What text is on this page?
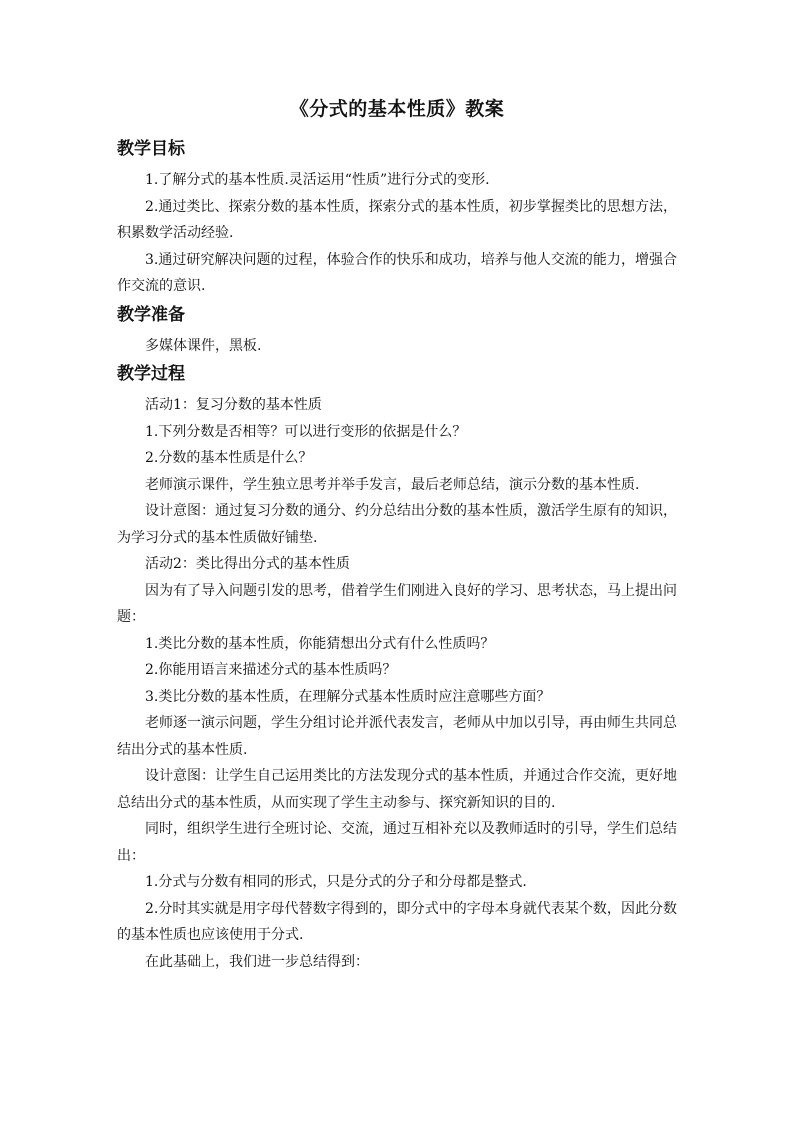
《分式的基本性质》教案
教学目标

1.了解分式的基本性质.灵活运用“性质”进行分式的变形.

2.通过类比、探索分数的基本性质，探索分式的基本性质，初步掌握类比的思想方法，积累数学活动经验.

3.通过研究解决问题的过程，体验合作的快乐和成功，培养与他人交流的能力，增强合作交流的意识.

教学准备

多媒体课件，黑板.

教学过程

活动1：复习分数的基本性质

1.下列分数是否相等？可以进行变形的依据是什么？

2.分数的基本性质是什么？

老师演示课件，学生独立思考并举手发言，最后老师总结，演示分数的基本性质.

设计意图：通过复习分数的通分、约分总结出分数的基本性质，激活学生原有的知识，为学习分式的基本性质做好铺垫.

活动2：类比得出分式的基本性质

因为有了导入问题引发的思考，借着学生们刚进入良好的学习、思考状态，马上提出问题：

1.类比分数的基本性质，你能猜想出分式有什么性质吗？

2.你能用语言来描述分式的基本性质吗？

3.类比分数的基本性质，在理解分式基本性质时应注意哪些方面？

老师逐一演示问题，学生分组讨论并派代表发言，老师从中加以引导，再由师生共同总结出分式的基本性质.

设计意图：让学生自己运用类比的方法发现分式的基本性质，并通过合作交流，更好地总结出分式的基本性质，从而实现了学生主动参与、探究新知识的目的.

同时，组织学生进行全班讨论、交流，通过互相补充以及教师适时的引导，学生们总结出：

1.分式与分数有相同的形式，只是分式的分子和分母都是整式.

2.分时其实就是用字母代替数字得到的，即分式中的字母本身就代表某个数，因此分数的基本性质也应该使用于分式.

在此基础上，我们进一步总结得到：
